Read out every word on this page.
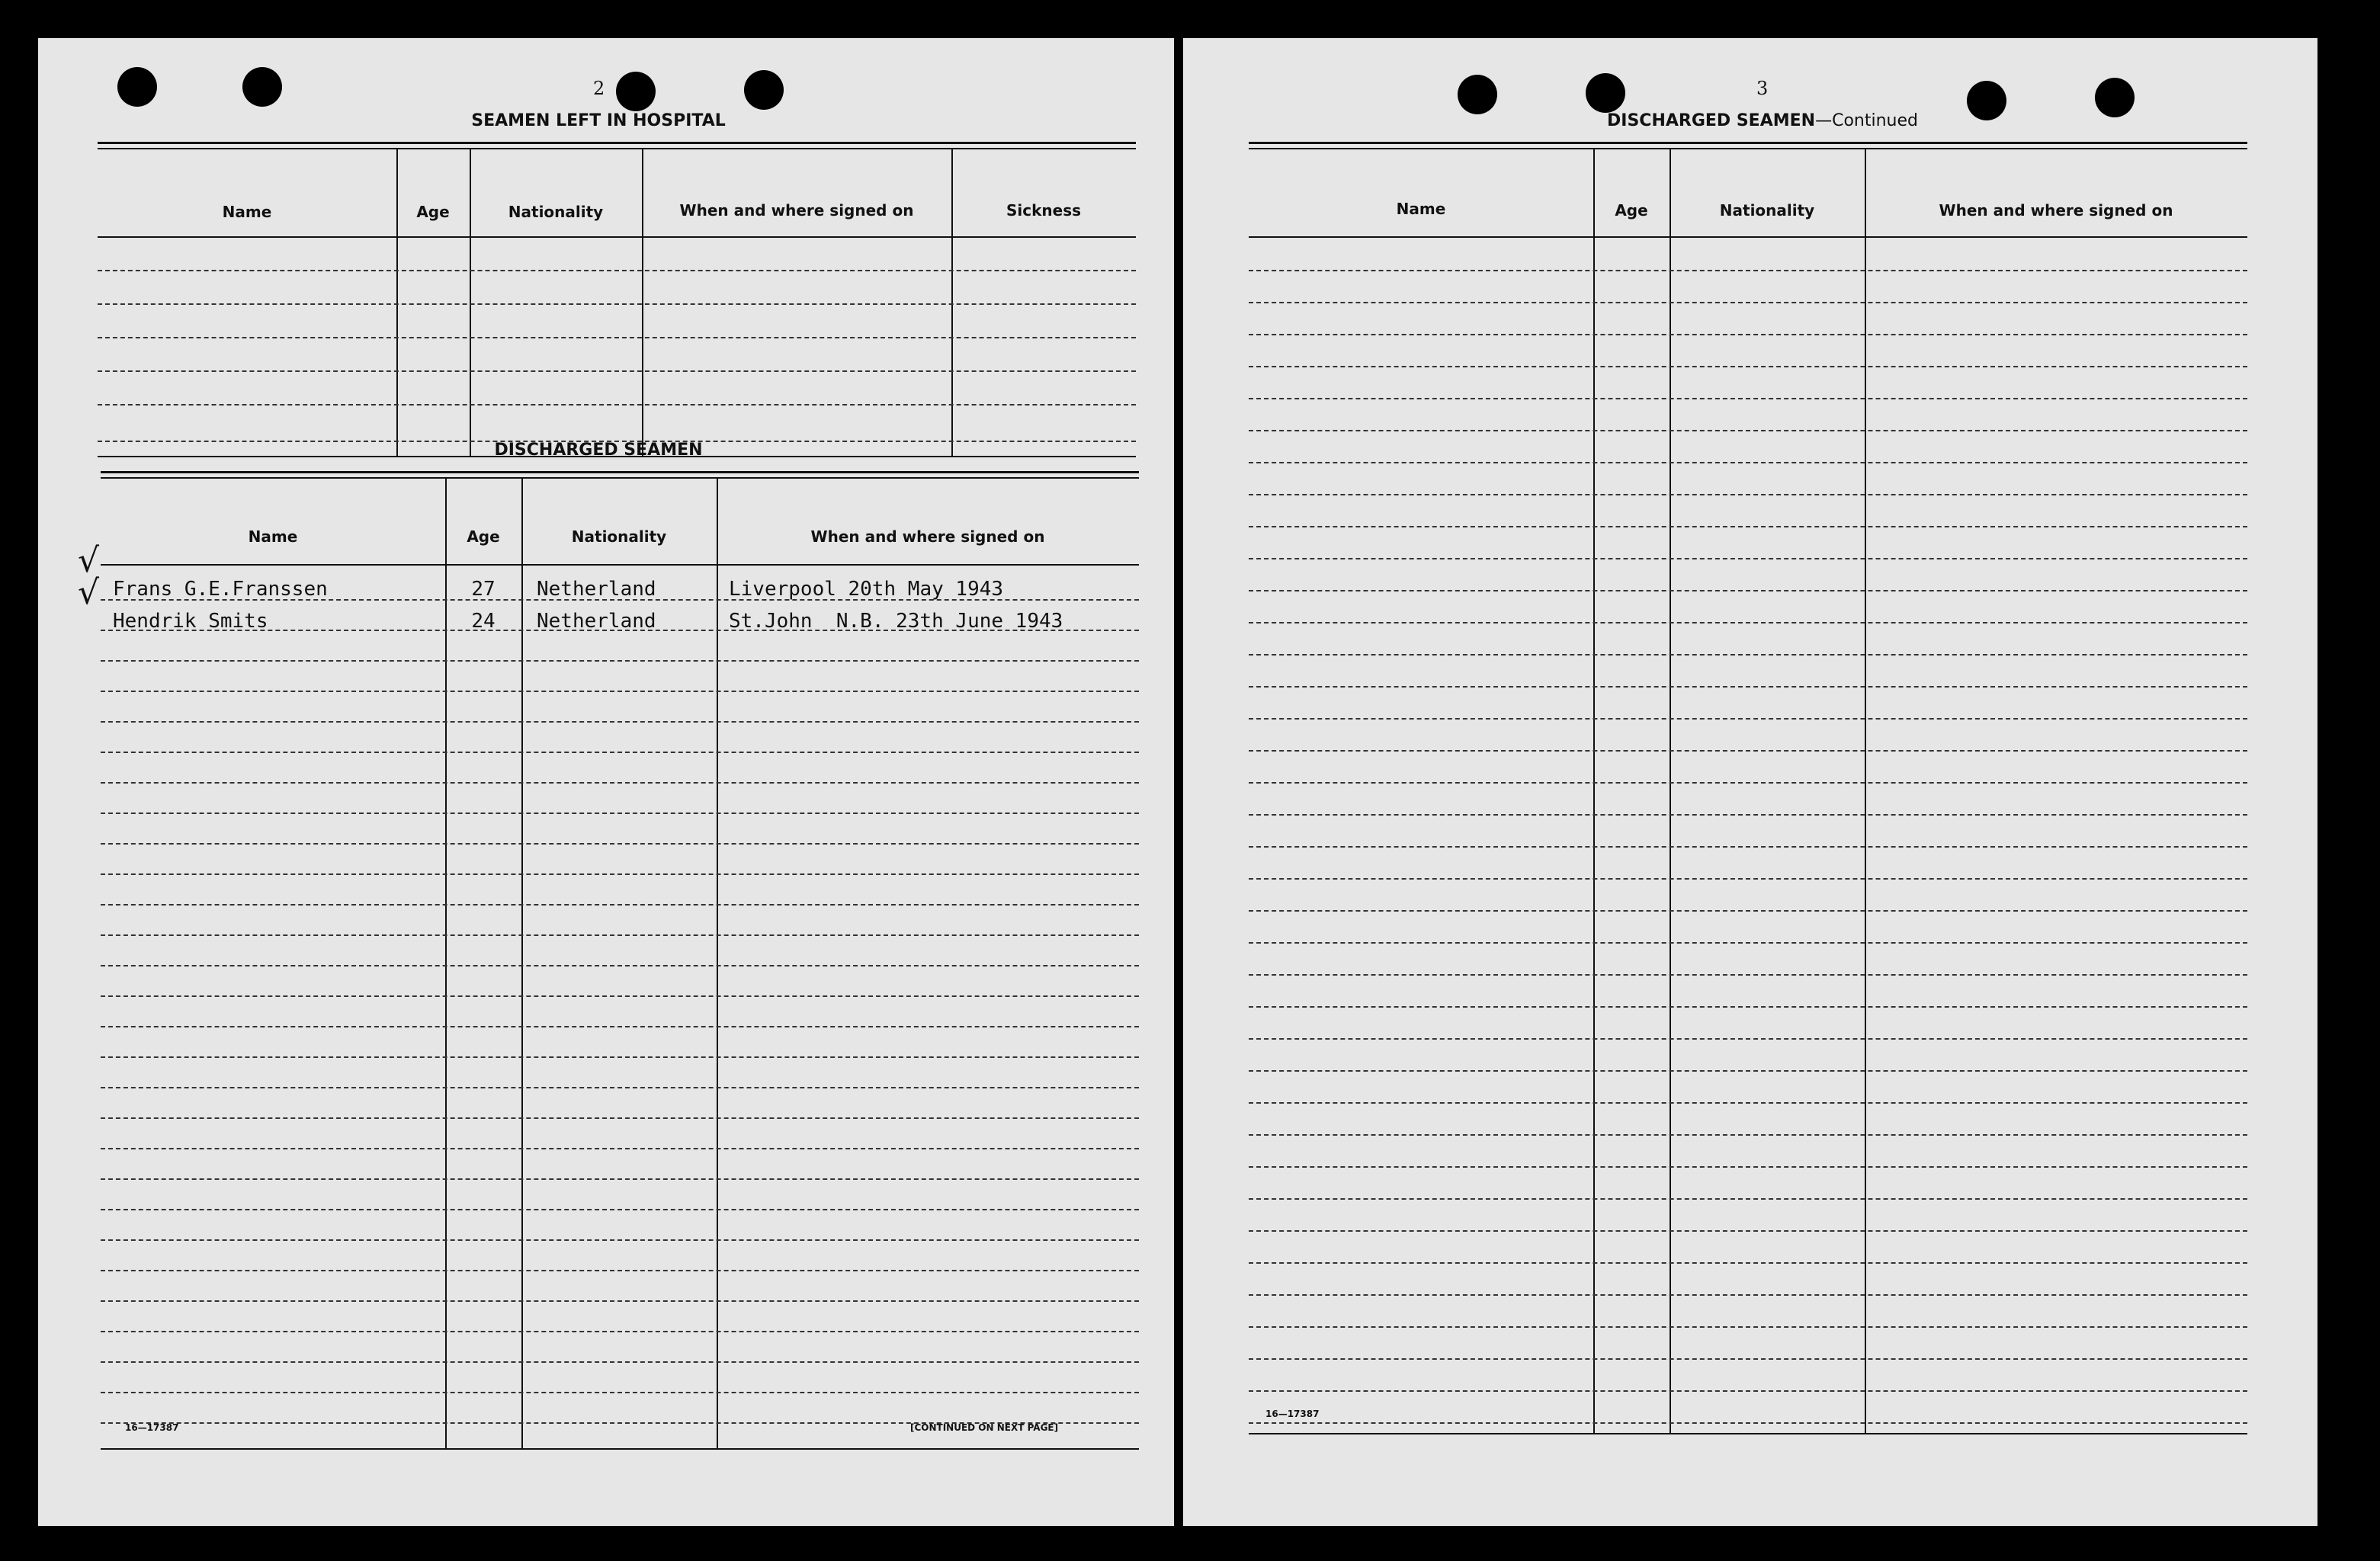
2
SEAMEN LEFT IN HOSPITAL
Name	Age	Nationality	When and where signed on	Sickness
DISCHARGED SEAMEN
Name	Age	Nationality	When and where signed on
√
Frans G.E.Franssen	27	Netherland	Liverpool 20th May 1943
√
Hendrik Smits	24	Netherland	St.John  N.B. 23th June 1943
16—17387	[CONTINUED ON NEXT PAGE]
3
DISCHARGED SEAMEN—Continued
Name	Age	Nationality	When and where signed on
16—17387
